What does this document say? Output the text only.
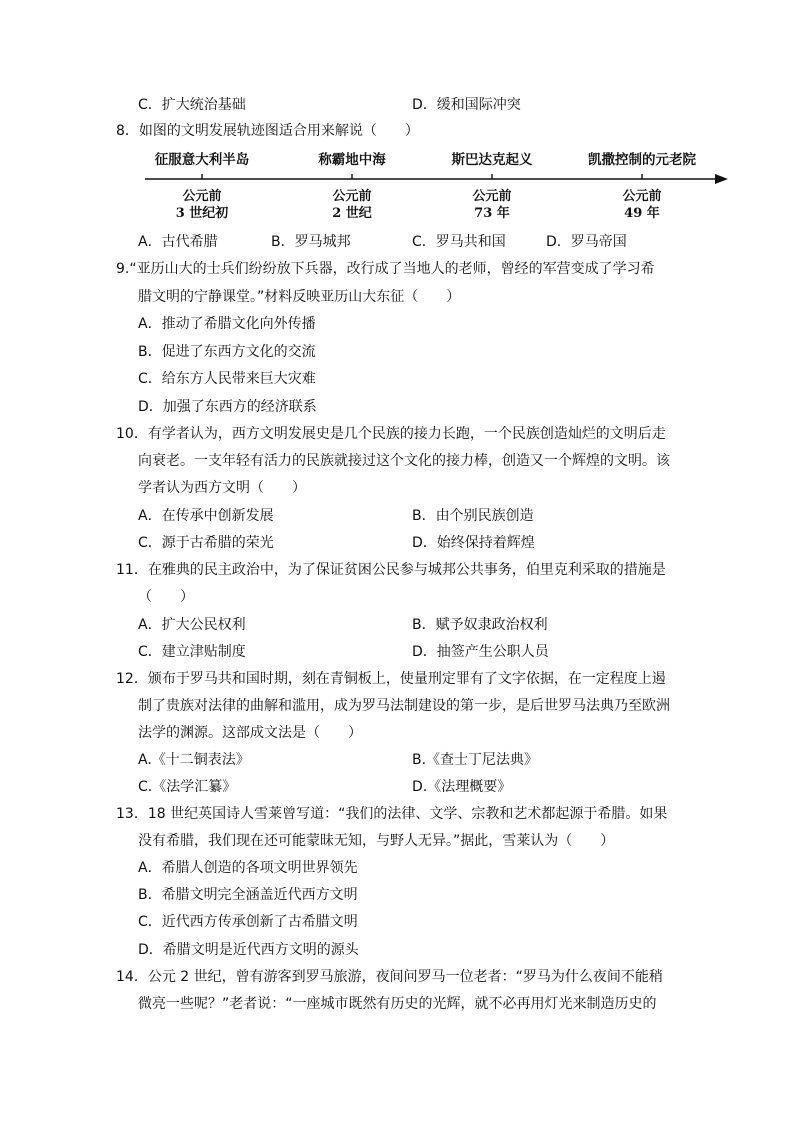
C．扩大统治基础	D．缓和国际冲突
8．如图的文明发展轨迹图适合用来解说（　　）
征服意大利半岛	称霸地中海	斯巴达克起义	凯撒控制的元老院
公元前
3 世纪初
公元前
2 世纪
公元前
73 年
公元前
49 年
A．古代希腊	B．罗马城邦	C．罗马共和国	D．罗马帝国
9.“亚历山大的士兵们纷纷放下兵器，改行成了当地人的老师，曾经的军营变成了学习希
腊文明的宁静课堂。”材料反映亚历山大东征（　　）
A．推动了希腊文化向外传播
B．促进了东西方文化的交流
C．给东方人民带来巨大灾难
D．加强了东西方的经济联系
10．有学者认为，西方文明发展史是几个民族的接力长跑，一个民族创造灿烂的文明后走
向衰老。一支年轻有活力的民族就接过这个文化的接力棒，创造又一个辉煌的文明。该
学者认为西方文明（　　）
A．在传承中创新发展	B．由个别民族创造
C．源于古希腊的荣光	D．始终保持着辉煌
11．在雅典的民主政治中，为了保证贫困公民参与城邦公共事务，伯里克利采取的措施是
（　　）
A．扩大公民权利	B．赋予奴隶政治权利
C．建立津贴制度	D．抽签产生公职人员
12．颁布于罗马共和国时期，刻在青铜板上，使量刑定罪有了文字依据，在一定程度上遏
制了贵族对法律的曲解和滥用，成为罗马法制建设的第一步，是后世罗马法典乃至欧洲
法学的渊源。这部成文法是（　　）
A.《十二铜表法》	B.《查士丁尼法典》
C.《法学汇纂》	D.《法理概要》
13．18 世纪英国诗人雪莱曾写道：“我们的法律、文学、宗教和艺术都起源于希腊。如果
没有希腊，我们现在还可能蒙昧无知，与野人无异。”据此，雪莱认为（　　）
A．希腊人创造的各项文明世界领先
B．希腊文明完全涵盖近代西方文明
C．近代西方传承创新了古希腊文明
D．希腊文明是近代西方文明的源头
14．公元 2 世纪，曾有游客到罗马旅游，夜间问罗马一位老者：“罗马为什么夜间不能稍
微亮一些呢？”老者说：“一座城市既然有历史的光辉，就不必再用灯光来制造历史的
